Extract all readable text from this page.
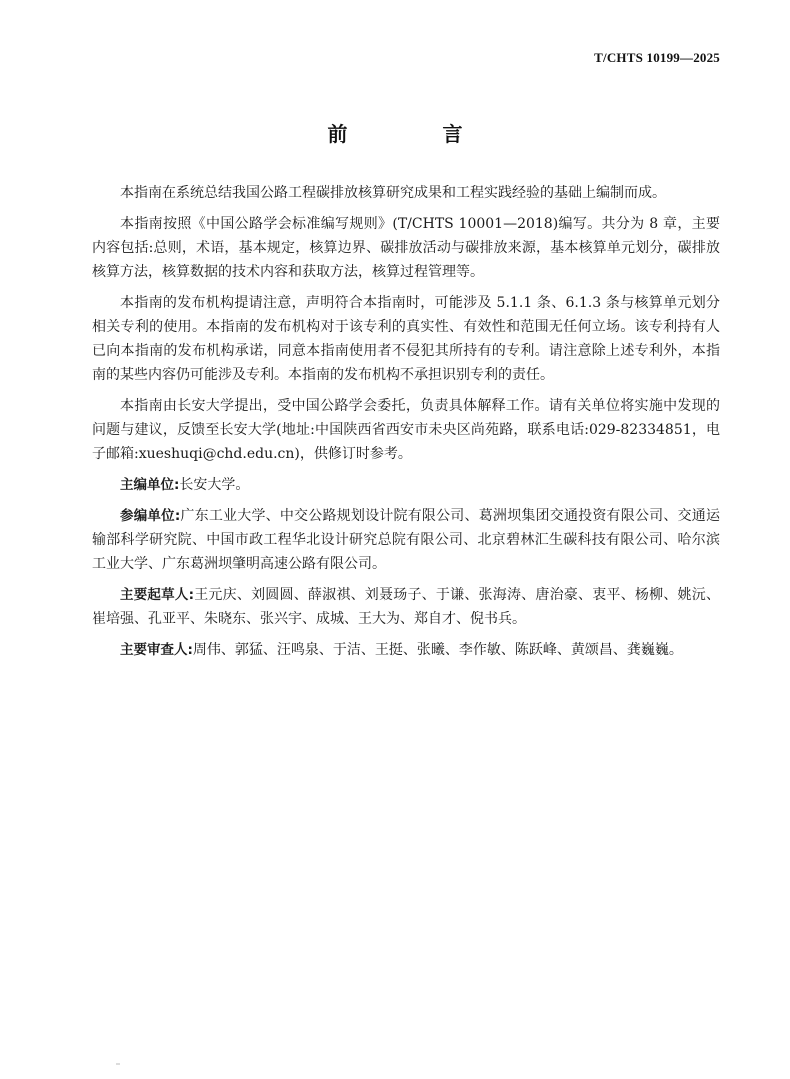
T/CHTS 10199—2025
前 言

本指南在系统总结我国公路工程碳排放核算研究成果和工程实践经验的基础上编制而成。

本指南按照《中国公路学会标准编写规则》(T/CHTS 10001—2018)编写。共分为 8 章，主要内容包括:总则，术语，基本规定，核算边界、碳排放活动与碳排放来源，基本核算单元划分，碳排放核算方法，核算数据的技术内容和获取方法，核算过程管理等。

本指南的发布机构提请注意，声明符合本指南时，可能涉及 5.1.1 条、6.1.3 条与核算单元划分相关专利的使用。本指南的发布机构对于该专利的真实性、有效性和范围无任何立场。该专利持有人已向本指南的发布机构承诺，同意本指南使用者不侵犯其所持有的专利。请注意除上述专利外，本指南的某些内容仍可能涉及专利。本指南的发布机构不承担识别专利的责任。

本指南由长安大学提出，受中国公路学会委托，负责具体解释工作。请有关单位将实施中发现的问题与建议，反馈至长安大学(地址:中国陕西省西安市未央区尚苑路，联系电话:029-82334851，电子邮箱:xueshuqi@chd.edu.cn)，供修订时参考。

主编单位:长安大学。

参编单位:广东工业大学、中交公路规划设计院有限公司、葛洲坝集团交通投资有限公司、交通运输部科学研究院、中国市政工程华北设计研究总院有限公司、北京碧林汇生碳科技有限公司、哈尔滨工业大学、广东葛洲坝肇明高速公路有限公司。

主要起草人:王元庆、刘圆圆、薛淑祺、刘聂玚子、于谦、张海涛、唐治豪、衷平、杨柳、姚沅、崔培强、孔亚平、朱晓东、张兴宇、成城、王大为、郑自才、倪书兵。

主要审查人:周伟、郭猛、汪鸣泉、于洁、王挺、张曦、李作敏、陈跃峰、黄颂昌、龚巍巍。
